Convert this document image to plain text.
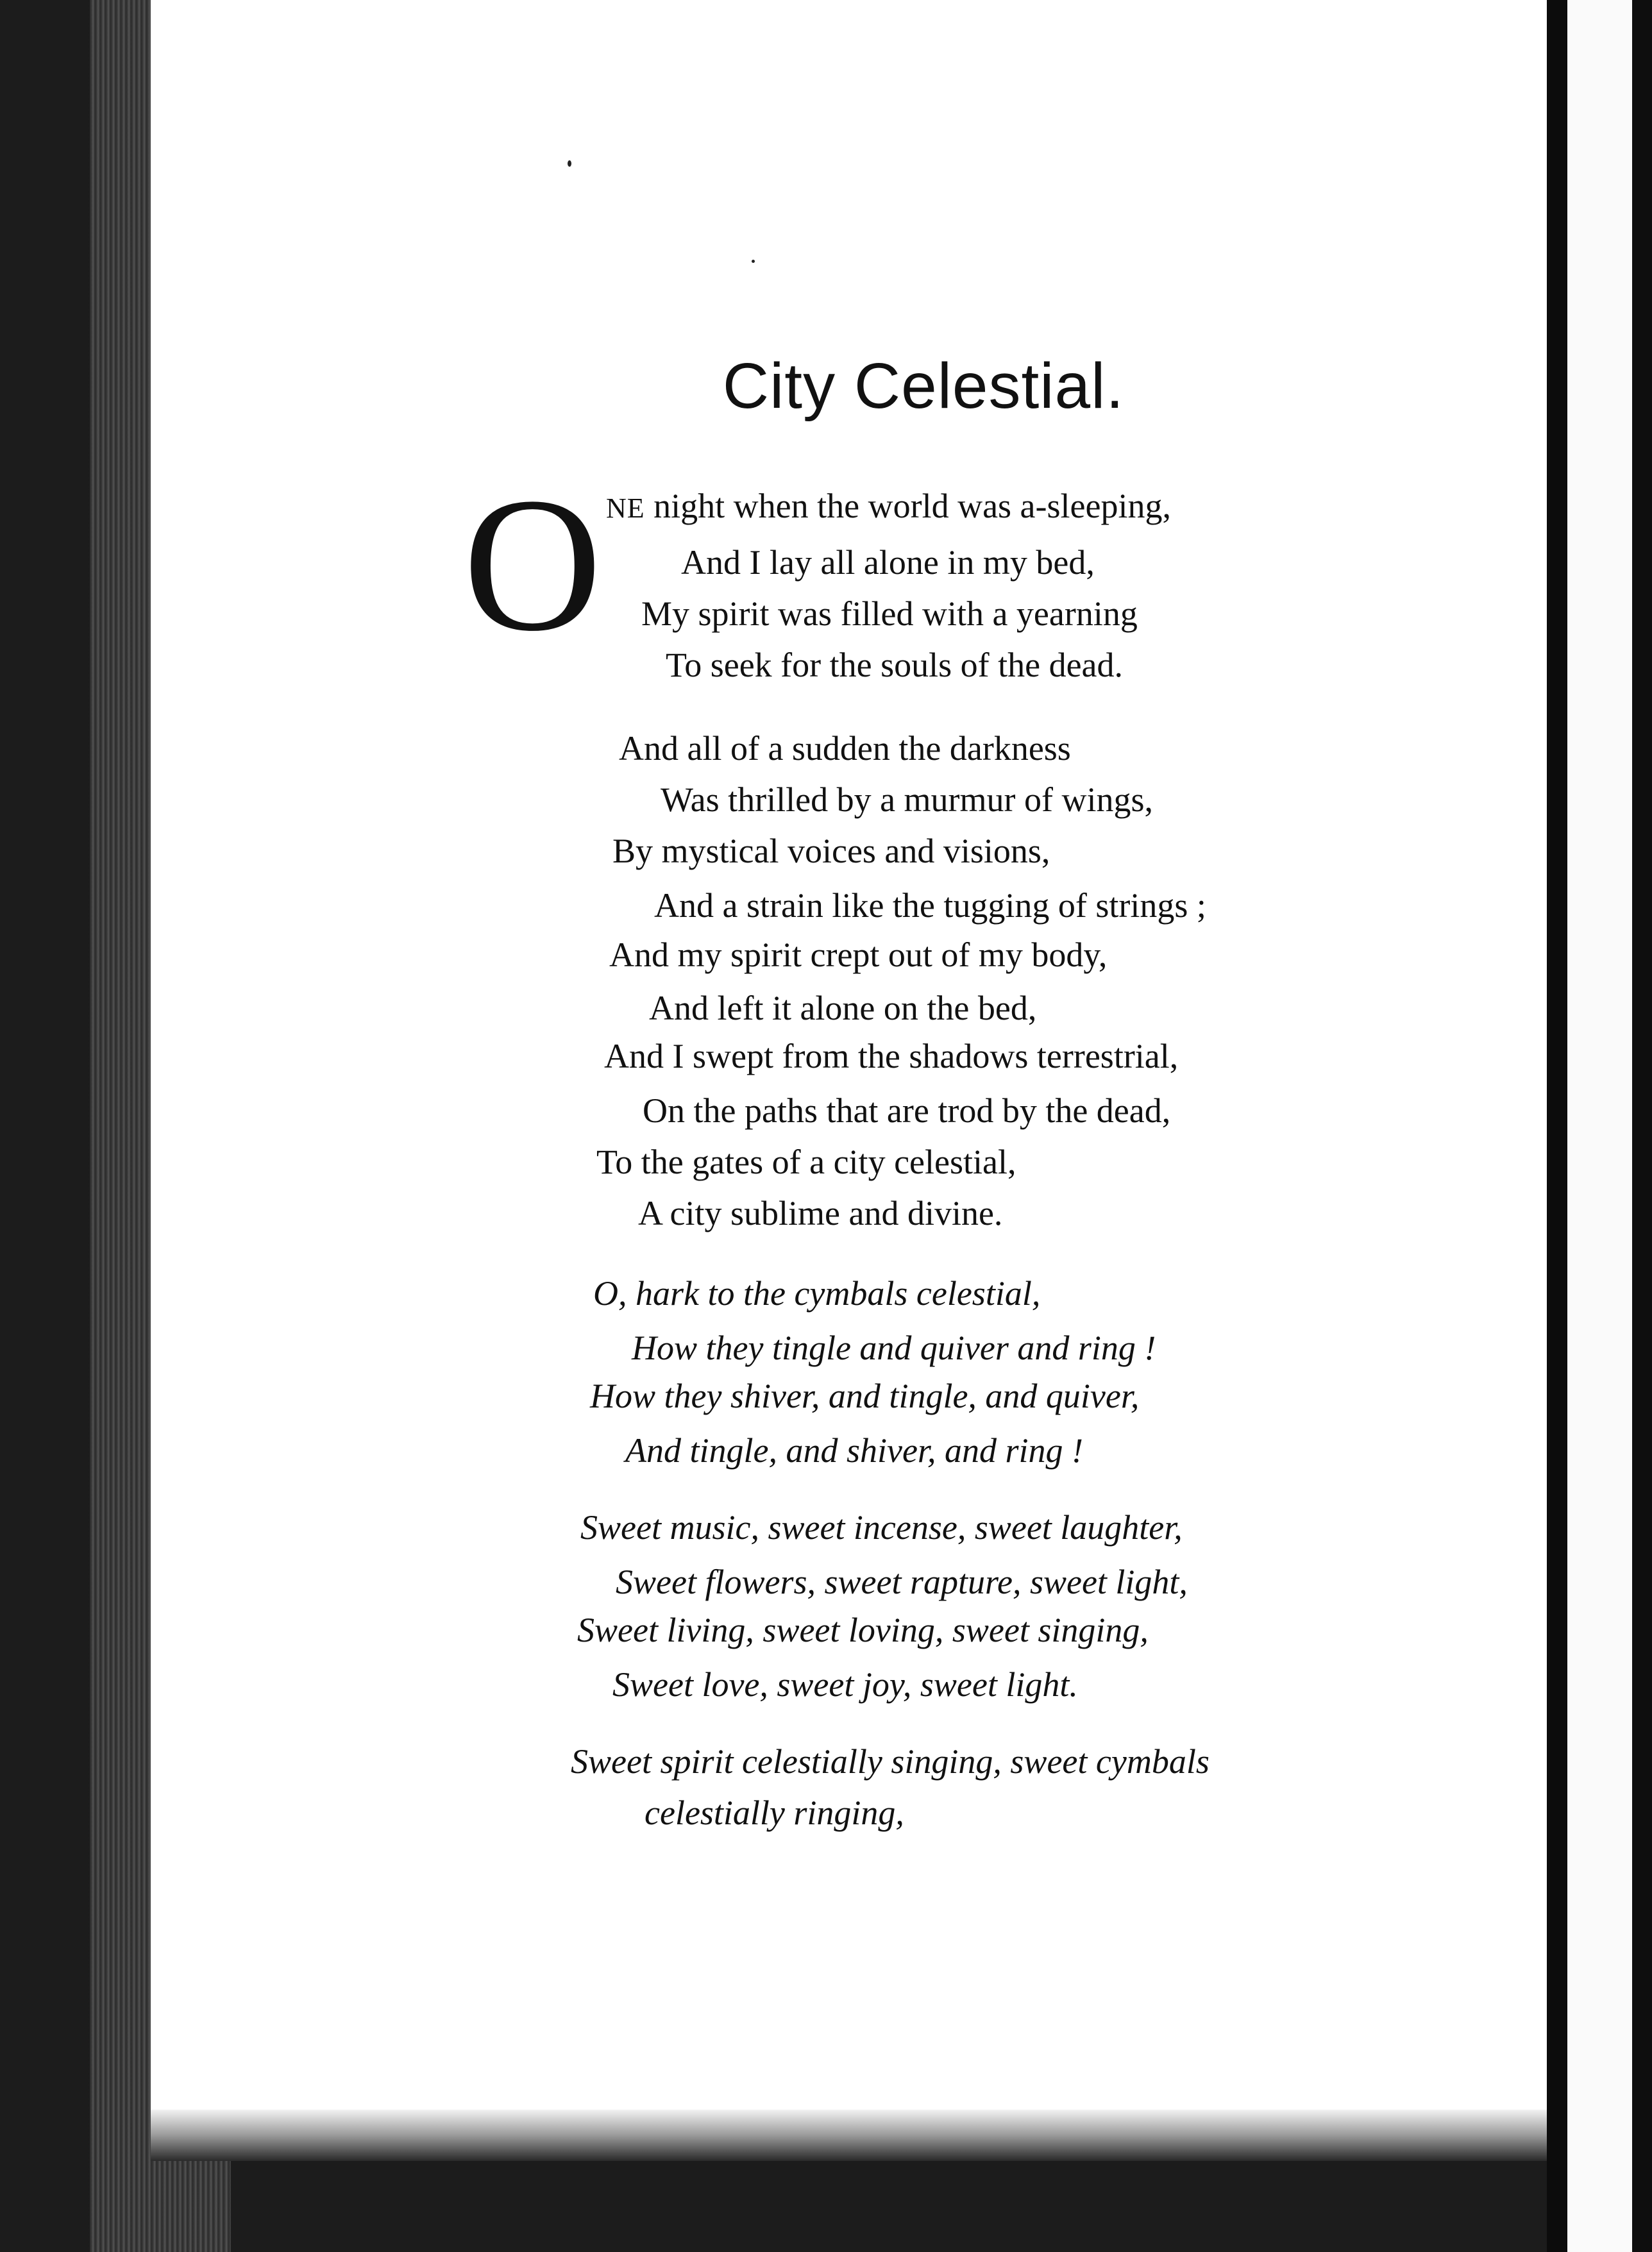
City Celestial.
O NE night when the world was a-sleeping,
And I lay all alone in my bed,
My spirit was filled with a yearning
To seek for the souls of the dead.
And all of a sudden the darkness
Was thrilled by a murmur of wings,
By mystical voices and visions,
And a strain like the tugging of strings ;
And my spirit crept out of my body,
And left it alone on the bed,
And I swept from the shadows terrestrial,
On the paths that are trod by the dead,
To the gates of a city celestial,
A city sublime and divine.
O, hark to the cymbals celestial,
How they tingle and quiver and ring !
How they shiver, and tingle, and quiver,
And tingle, and shiver, and ring !
Sweet music, sweet incense, sweet laughter,
Sweet flowers, sweet rapture, sweet light,
Sweet living, sweet loving, sweet singing,
Sweet love, sweet joy, sweet light.
Sweet spirit celestially singing, sweet cymbals
celestially ringing,
